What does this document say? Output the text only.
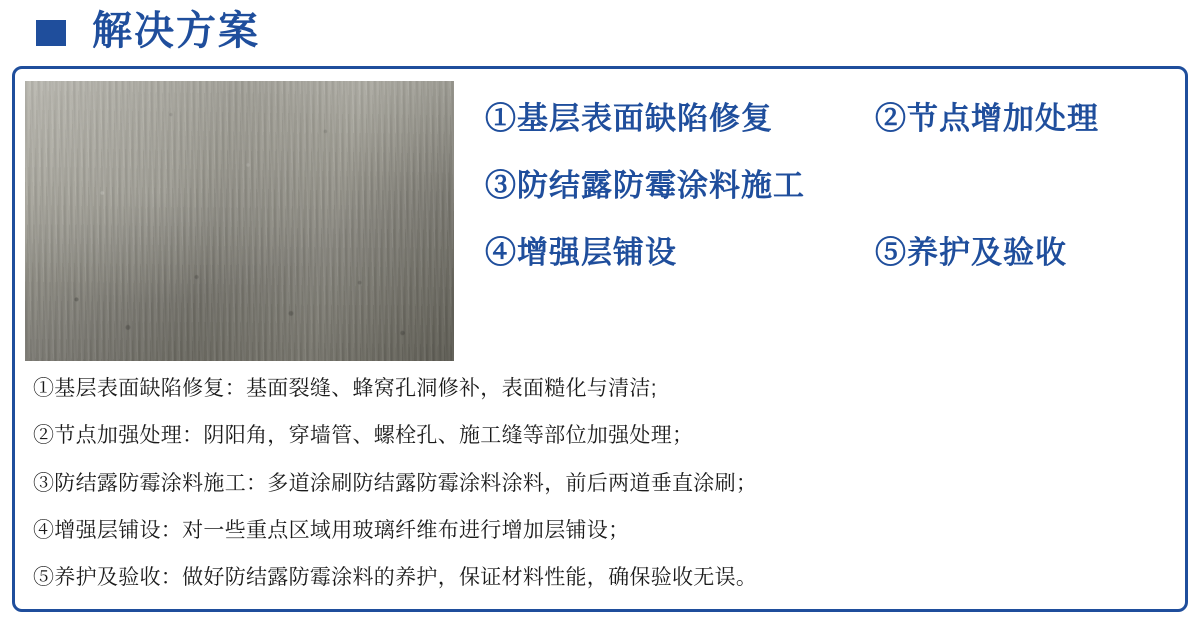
解决方案
①基层表面缺陷修复	②节点增加处理
③防结露防霉涂料施工
④增强层铺设	⑤养护及验收
①基层表面缺陷修复：基面裂缝、蜂窝孔洞修补，表面糙化与清洁;
②节点加强处理：阴阳角，穿墙管、螺栓孔、施工缝等部位加强处理；
③防结露防霉涂料施工：多道涂刷防结露防霉涂料涂料，前后两道垂直涂刷；
④增强层铺设：对一些重点区域用玻璃纤维布进行增加层铺设；
⑤养护及验收：做好防结露防霉涂料的养护，保证材料性能，确保验收无误。
